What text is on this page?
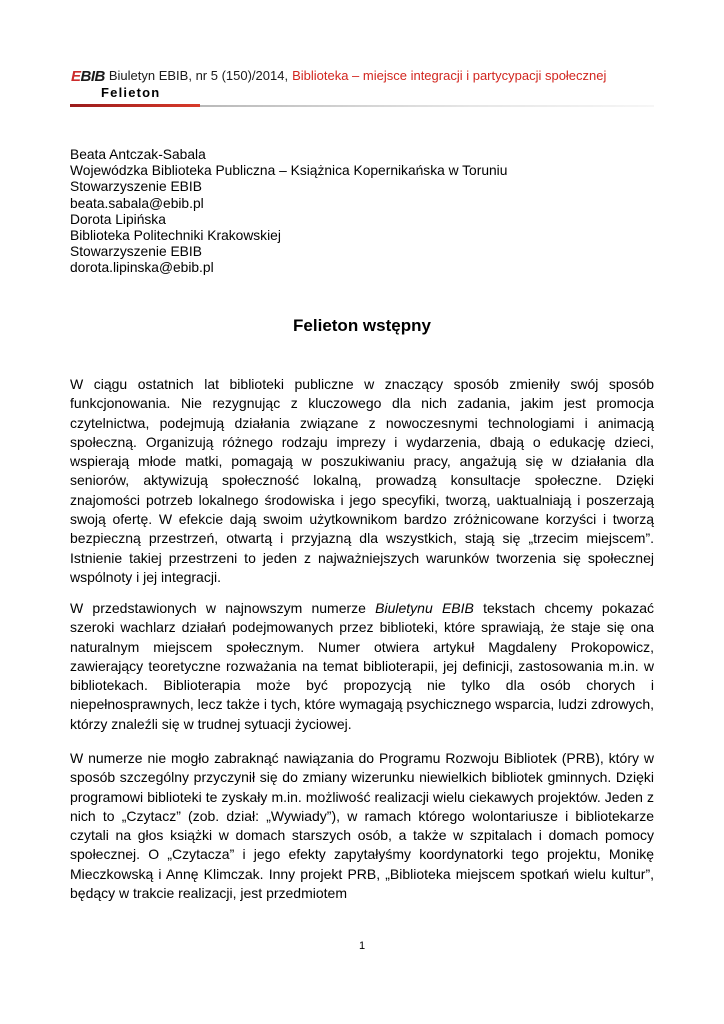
EBIB Biuletyn EBIB, nr 5 (150)/2014, Biblioteka – miejsce integracji i partycypacji społecznej
Felieton
Beata Antczak-Sabala
Wojewódzka Biblioteka Publiczna – Książnica Kopernikańska w Toruniu
Stowarzyszenie EBIB
beata.sabala@ebib.pl
Dorota Lipińska
Biblioteka Politechniki Krakowskiej
Stowarzyszenie EBIB
dorota.lipinska@ebib.pl
Felieton wstępny
W ciągu ostatnich lat biblioteki publiczne w znaczący sposób zmieniły swój sposób funkcjonowania. Nie rezygnując z kluczowego dla nich zadania, jakim jest promocja czytelnictwa, podejmują działania związane z nowoczesnymi technologiami i animacją społeczną. Organizują różnego rodzaju imprezy i wydarzenia, dbają o edukację dzieci, wspierają młode matki, pomagają w poszukiwaniu pracy, angażują się w działania dla seniorów, aktywizują społeczność lokalną, prowadzą konsultacje społeczne. Dzięki znajomości potrzeb lokalnego środowiska i jego specyfiki, tworzą, uaktualniają i poszerzają swoją ofertę. W efekcie dają swoim użytkownikom bardzo zróżnicowane korzyści i tworzą bezpieczną przestrzeń, otwartą i przyjazną dla wszystkich, stają się „trzecim miejscem”. Istnienie takiej przestrzeni to jeden z najważniejszych warunków tworzenia się społecznej wspólnoty i jej integracji.
W przedstawionych w najnowszym numerze Biuletynu EBIB tekstach chcemy pokazać szeroki wachlarz działań podejmowanych przez biblioteki, które sprawiają, że staje się ona naturalnym miejscem społecznym. Numer otwiera artykuł Magdaleny Prokopowicz, zawierający teoretyczne rozważania na temat biblioterapii, jej definicji, zastosowania m.in. w bibliotekach. Biblioterapia może być propozycją nie tylko dla osób chorych i niepełnosprawnych, lecz także i tych, które wymagają psychicznego wsparcia, ludzi zdrowych, którzy znaleźli się w trudnej sytuacji życiowej.
W numerze nie mogło zabraknąć nawiązania do Programu Rozwoju Bibliotek (PRB), który w sposób szczególny przyczynił się do zmiany wizerunku niewielkich bibliotek gminnych. Dzięki programowi biblioteki te zyskały m.in. możliwość realizacji wielu ciekawych projektów. Jeden z nich to „Czytacz” (zob. dział: „Wywiady”), w ramach którego wolontariusze i bibliotekarze czytali na głos książki w domach starszych osób, a także w szpitalach i domach pomocy społecznej. O „Czytacza” i jego efekty zapytałyśmy koordynatorki tego projektu, Monikę Mieczkowską i Annę Klimczak. Inny projekt PRB, „Biblioteka miejscem spotkań wielu kultur”, będący w trakcie realizacji, jest przedmiotem
1
